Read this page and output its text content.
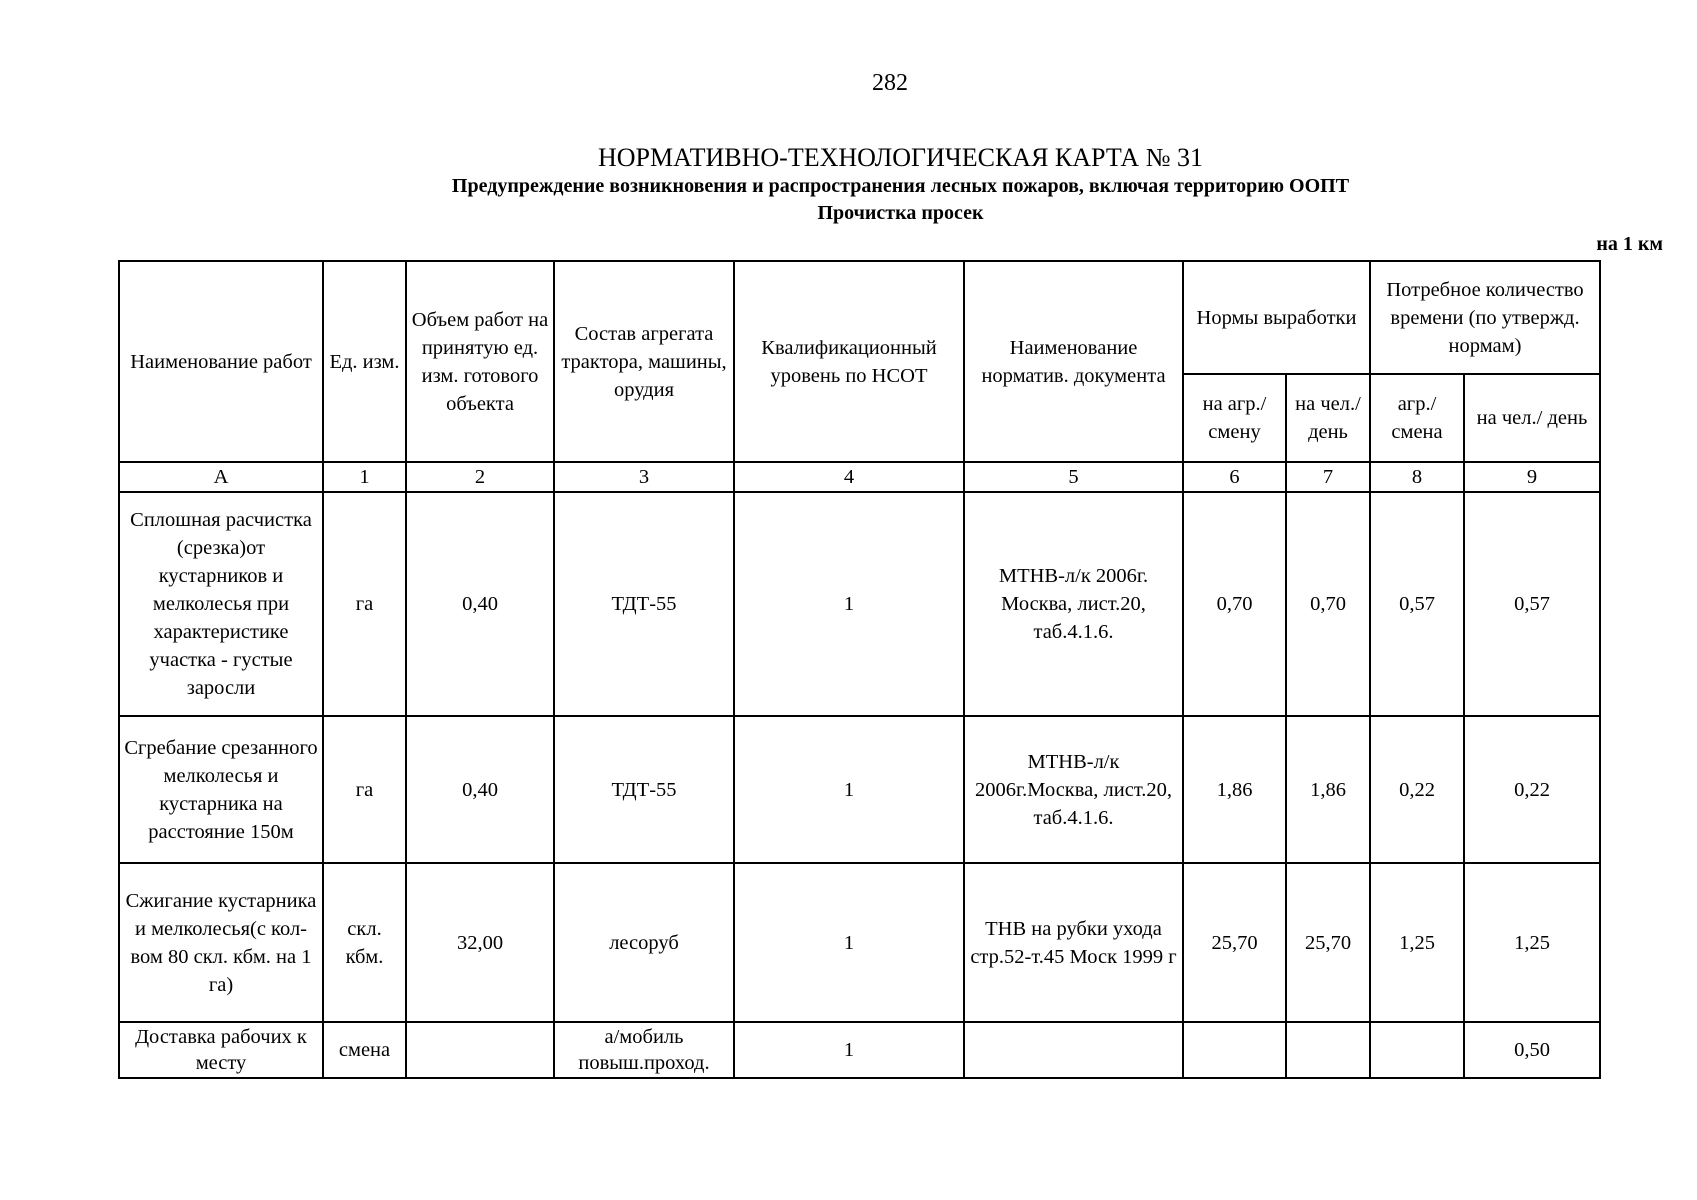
282
НОРМАТИВНО-ТЕХНОЛОГИЧЕСКАЯ КАРТА № 31
Предупреждение возникновения и распространения лесных пожаров, включая территорию ООПТ
Прочистка просек
на 1 км
Наименование работ	Ед. изм.	Объем работ на принятую ед. изм. готового объекта	Состав агрегата трактора, машины, орудия	Квалификационный уровень по НСОТ	Наименование норматив. документа	Нормы выработки		Потребное количество времени (по утвержд. нормам)	
						на агр./ смену	на чел./ день	агр./ смена	на чел./ день
А	1	2	3	4	5	6	7	8	9
Сплошная расчистка (срезка)от кустарников и мелколесья при характеристике участка - густые заросли	га	0,40	ТДТ-55	1	МТНВ-л/к 2006г. Москва, лист.20, таб.4.1.6.	0,70	0,70	0,57	0,57
Сгребание срезанного мелколесья и кустарника на расстояние 150м	га	0,40	ТДТ-55	1	МТНВ-л/к 2006г.Москва, лист.20, таб.4.1.6.	1,86	1,86	0,22	0,22
Сжигание кустарника и мелколесья(с кол-вом 80 скл. кбм. на 1 га)	скл. кбм.	32,00	лесоруб	1	ТНВ на рубки ухода стр.52-т.45 Моск 1999 г	25,70	25,70	1,25	1,25
Доставка рабочих к месту	смена		а/мобиль повыш.проход.	1					0,50
